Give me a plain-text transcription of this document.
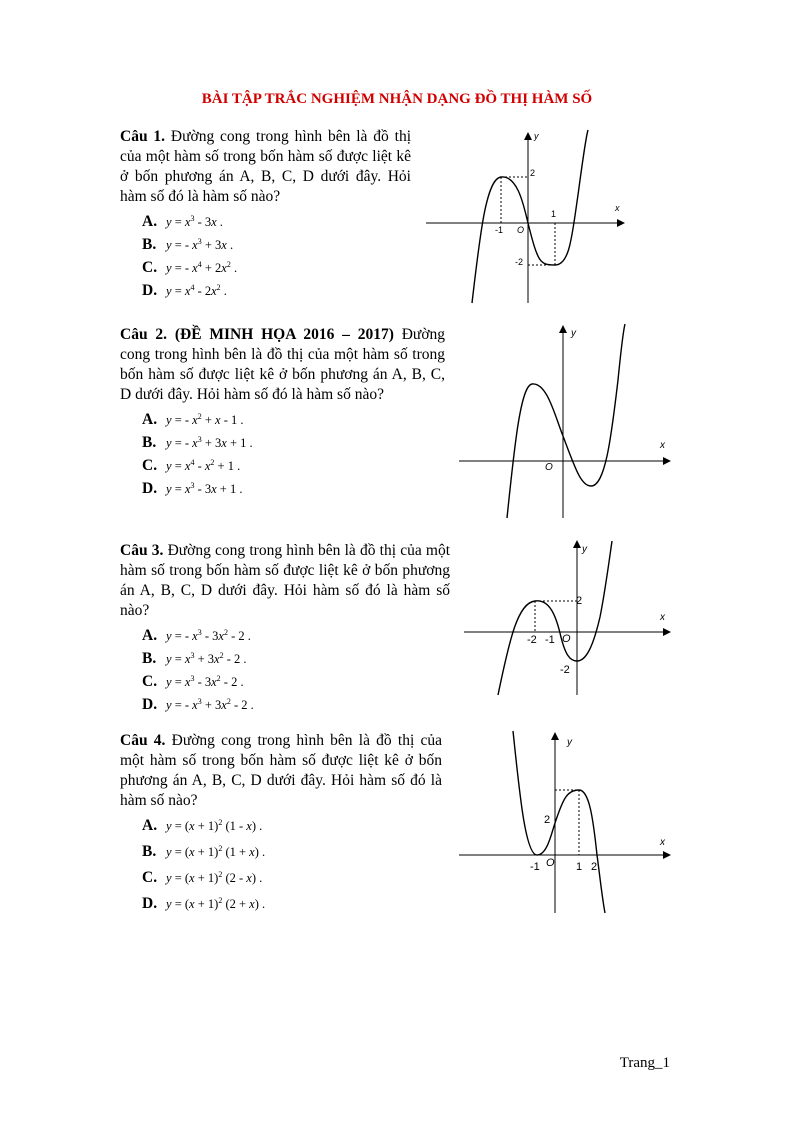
BÀI TẬP TRẮC NGHIỆM NHẬN DẠNG ĐỒ THỊ HÀM SỐ
Câu 1. Đường cong trong hình bên là đồ thị của một hàm số trong bốn hàm số được liệt kê ở bốn phương án A, B, C, D dưới đây. Hỏi hàm số đó là hàm số nào?
A. $y = x^3 - 3x$ .
B. y = - $x^3 + 3x$ .
C. y = - $x^4 + 2x^2$ .
D. $y = x^4 - 2x^2$ .
y
x
O
-1
1
2
-2
Câu 2. (ĐỀ MINH HỌA 2016 – 2017) Đường cong trong hình bên là đồ thị của một hàm số trong bốn hàm số được liệt kê ở bốn phương án A, B, C, D dưới đây. Hỏi hàm số đó là hàm số nào?
A. y = - $x^2 + x - 1$ .
B. y = - $x^3 + 3x + 1$ .
C. $y = x^4 - x^2 + 1$ .
D. $y = x^3 - 3x + 1$ .
y
x
O
Câu 3. Đường cong trong hình bên là đồ thị của một hàm số trong bốn hàm số được liệt kê ở bốn phương án A, B, C, D dưới đây. Hỏi hàm số đó là hàm số nào?
A. y = - $x^3 - 3x^2 - 2$ .
B. $y = x^3 + 3x^2 - 2$ .
C. $y = x^3 - 3x^2 - 2$ .
D. y = - $x^3 + 3x^2 - 2$ .
y
x
O
-2 -1
2
-2
Câu 4. Đường cong trong hình bên là đồ thị của một hàm số trong bốn hàm số được liệt kê ở bốn phương án A, B, C, D dưới đây. Hỏi hàm số đó là hàm số nào?
A. $y = (x + 1)^2$ (1 - x) .
B. $y = (x + 1)^2$ (1 + x) .
C. $y = (x + 1)^2$ (2 - x) .
D. $y = (x + 1)^2$ (2 + x) .
y
x
O
-1	1 2
2
Trang_1
